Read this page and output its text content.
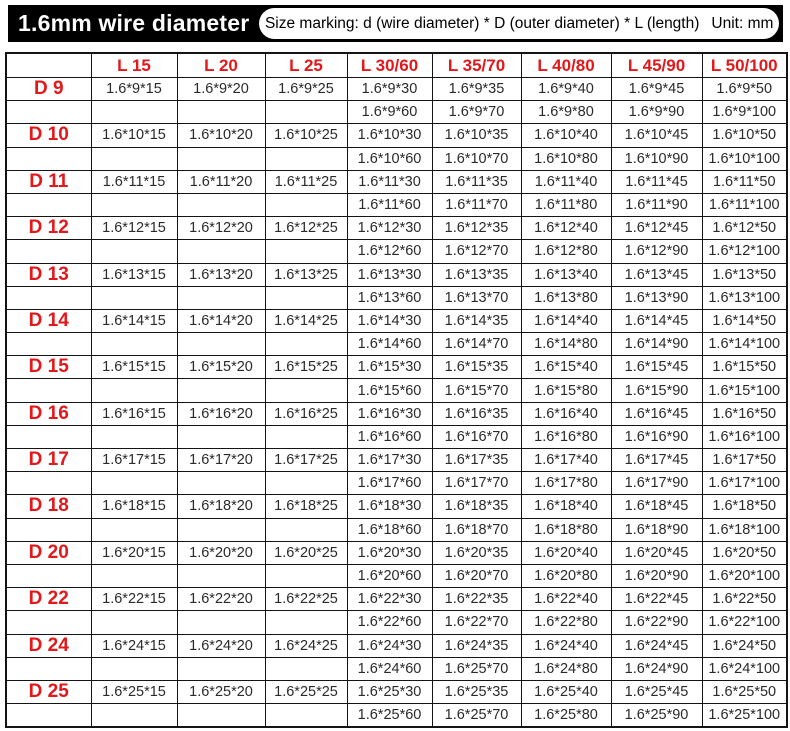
1.6mm wire diameter Size marking: d (wire diameter) * D (outer diameter) * L (length) Unit: mm
	L 15	L 20	L 25	L 30/60	L 35/70	L 40/80	L 45/90	L 50/100
D 9	1.6*9*15	1.6*9*20	1.6*9*25	1.6*9*30	1.6*9*35	1.6*9*40	1.6*9*45	1.6*9*50
				1.6*9*60	1.6*9*70	1.6*9*80	1.6*9*90	1.6*9*100
D 10	1.6*10*15	1.6*10*20	1.6*10*25	1.6*10*30	1.6*10*35	1.6*10*40	1.6*10*45	1.6*10*50
				1.6*10*60	1.6*10*70	1.6*10*80	1.6*10*90	1.6*10*100
D 11	1.6*11*15	1.6*11*20	1.6*11*25	1.6*11*30	1.6*11*35	1.6*11*40	1.6*11*45	1.6*11*50
				1.6*11*60	1.6*11*70	1.6*11*80	1.6*11*90	1.6*11*100
D 12	1.6*12*15	1.6*12*20	1.6*12*25	1.6*12*30	1.6*12*35	1.6*12*40	1.6*12*45	1.6*12*50
				1.6*12*60	1.6*12*70	1.6*12*80	1.6*12*90	1.6*12*100
D 13	1.6*13*15	1.6*13*20	1.6*13*25	1.6*13*30	1.6*13*35	1.6*13*40	1.6*13*45	1.6*13*50
				1.6*13*60	1.6*13*70	1.6*13*80	1.6*13*90	1.6*13*100
D 14	1.6*14*15	1.6*14*20	1.6*14*25	1.6*14*30	1.6*14*35	1.6*14*40	1.6*14*45	1.6*14*50
				1.6*14*60	1.6*14*70	1.6*14*80	1.6*14*90	1.6*14*100
D 15	1.6*15*15	1.6*15*20	1.6*15*25	1.6*15*30	1.6*15*35	1.6*15*40	1.6*15*45	1.6*15*50
				1.6*15*60	1.6*15*70	1.6*15*80	1.6*15*90	1.6*15*100
D 16	1.6*16*15	1.6*16*20	1.6*16*25	1.6*16*30	1.6*16*35	1.6*16*40	1.6*16*45	1.6*16*50
				1.6*16*60	1.6*16*70	1.6*16*80	1.6*16*90	1.6*16*100
D 17	1.6*17*15	1.6*17*20	1.6*17*25	1.6*17*30	1.6*17*35	1.6*17*40	1.6*17*45	1.6*17*50
				1.6*17*60	1.6*17*70	1.6*17*80	1.6*17*90	1.6*17*100
D 18	1.6*18*15	1.6*18*20	1.6*18*25	1.6*18*30	1.6*18*35	1.6*18*40	1.6*18*45	1.6*18*50
				1.6*18*60	1.6*18*70	1.6*18*80	1.6*18*90	1.6*18*100
D 20	1.6*20*15	1.6*20*20	1.6*20*25	1.6*20*30	1.6*20*35	1.6*20*40	1.6*20*45	1.6*20*50
				1.6*20*60	1.6*20*70	1.6*20*80	1.6*20*90	1.6*20*100
D 22	1.6*22*15	1.6*22*20	1.6*22*25	1.6*22*30	1.6*22*35	1.6*22*40	1.6*22*45	1.6*22*50
				1.6*22*60	1.6*22*70	1.6*22*80	1.6*22*90	1.6*22*100
D 24	1.6*24*15	1.6*24*20	1.6*24*25	1.6*24*30	1.6*24*35	1.6*24*40	1.6*24*45	1.6*24*50
				1.6*24*60	1.6*25*70	1.6*24*80	1.6*24*90	1.6*24*100
D 25	1.6*25*15	1.6*25*20	1.6*25*25	1.6*25*30	1.6*25*35	1.6*25*40	1.6*25*45	1.6*25*50
				1.6*25*60	1.6*25*70	1.6*25*80	1.6*25*90	1.6*25*100
